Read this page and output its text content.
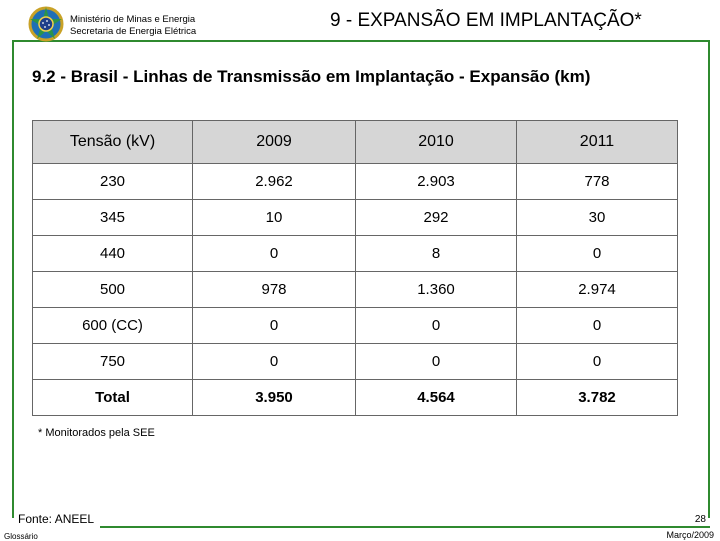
Ministério de Minas e Energia
Secretaria de Energia Elétrica
9 - EXPANSÃO EM IMPLANTAÇÃO*
9.2 - Brasil - Linhas de Transmissão em Implantação - Expansão (km)
Tensão (kV)	2009	2010	2011
230	2.962	2.903	778
345	10	292	30
440	0	8	0
500	978	1.360	2.974
600 (CC)	0	0	0
750	0	0	0
Total	3.950	4.564	3.782
* Monitorados pela SEE
Fonte: ANEEL
Glossário
28
Março/2009
